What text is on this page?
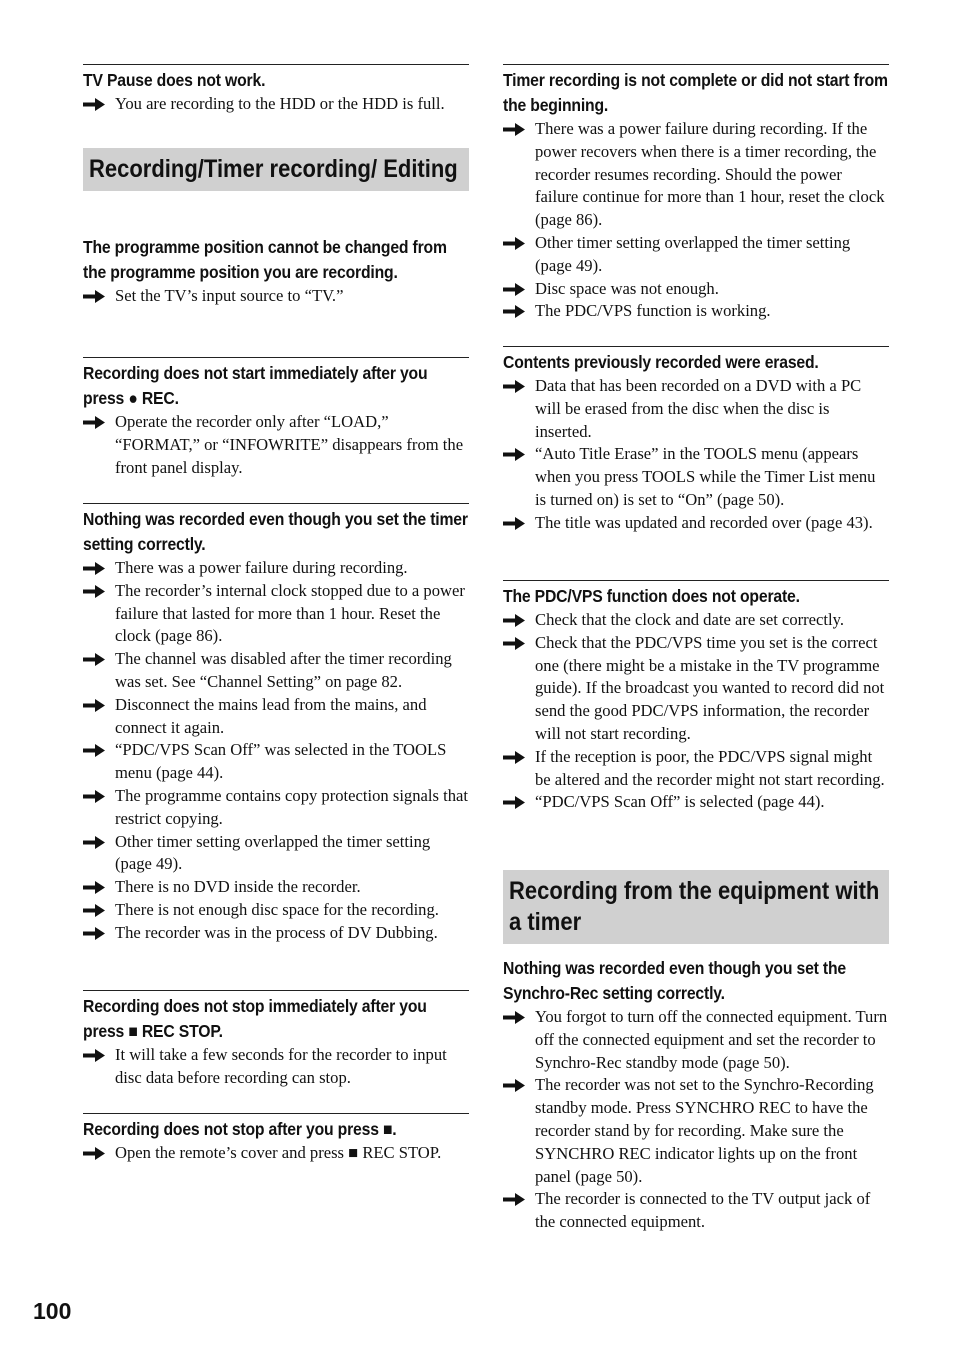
TV Pause does not work.

You are recording to the HDD or the HDD is full.

Recording/Timer recording/ Editing

The programme position cannot be changed from the programme position you are recording.

Set the TV’s input source to “TV.”

Recording does not start immediately after you press ● REC.

Operate the recorder only after “LOAD,” “FORMAT,” or “INFOWRITE” disappears from the front panel display.

Nothing was recorded even though you set the timer setting correctly.

There was a power failure during recording.
The recorder’s internal clock stopped due to a power failure that lasted for more than 1 hour. Reset the clock (page 86).
The channel was disabled after the timer recording was set. See “Channel Setting” on page 82.
Disconnect the mains lead from the mains, and connect it again.
“PDC/VPS Scan Off” was selected in the TOOLS menu (page 44).
The programme contains copy protection signals that restrict copying.
Other timer setting overlapped the timer setting (page 49).
There is no DVD inside the recorder.
There is not enough disc space for the recording.
The recorder was in the process of DV Dubbing.

Recording does not stop immediately after you press ■ REC STOP.

It will take a few seconds for the recorder to input disc data before recording can stop.

Recording does not stop after you press ■.

Open the remote’s cover and press ■ REC STOP.

Timer recording is not complete or did not start from the beginning.

There was a power failure during recording. If the power recovers when there is a timer recording, the recorder resumes recording. Should the power failure continue for more than 1 hour, reset the clock (page 86).
Other timer setting overlapped the timer setting (page 49).
Disc space was not enough.
The PDC/VPS function is working.

Contents previously recorded were erased.

Data that has been recorded on a DVD with a PC will be erased from the disc when the disc is inserted.
“Auto Title Erase” in the TOOLS menu (appears when you press TOOLS while the Timer List menu is turned on) is set to “On” (page 50).
The title was updated and recorded over (page 43).

The PDC/VPS function does not operate.

Check that the clock and date are set correctly.
Check that the PDC/VPS time you set is the correct one (there might be a mistake in the TV programme guide). If the broadcast you wanted to record did not send the good PDC/VPS information, the recorder will not start recording.
If the reception is poor, the PDC/VPS signal might be altered and the recorder might not start recording.
“PDC/VPS Scan Off” is selected (page 44).

Recording from the equipment with a timer

Nothing was recorded even though you set the Synchro-Rec setting correctly.

You forgot to turn off the connected equipment. Turn off the connected equipment and set the recorder to Synchro-Rec standby mode (page 50).
The recorder was not set to the Synchro-Recording standby mode. Press SYNCHRO REC to have the recorder stand by for recording. Make sure the SYNCHRO REC indicator lights up on the front panel (page 50).
The recorder is connected to the TV output jack of the connected equipment.
100
